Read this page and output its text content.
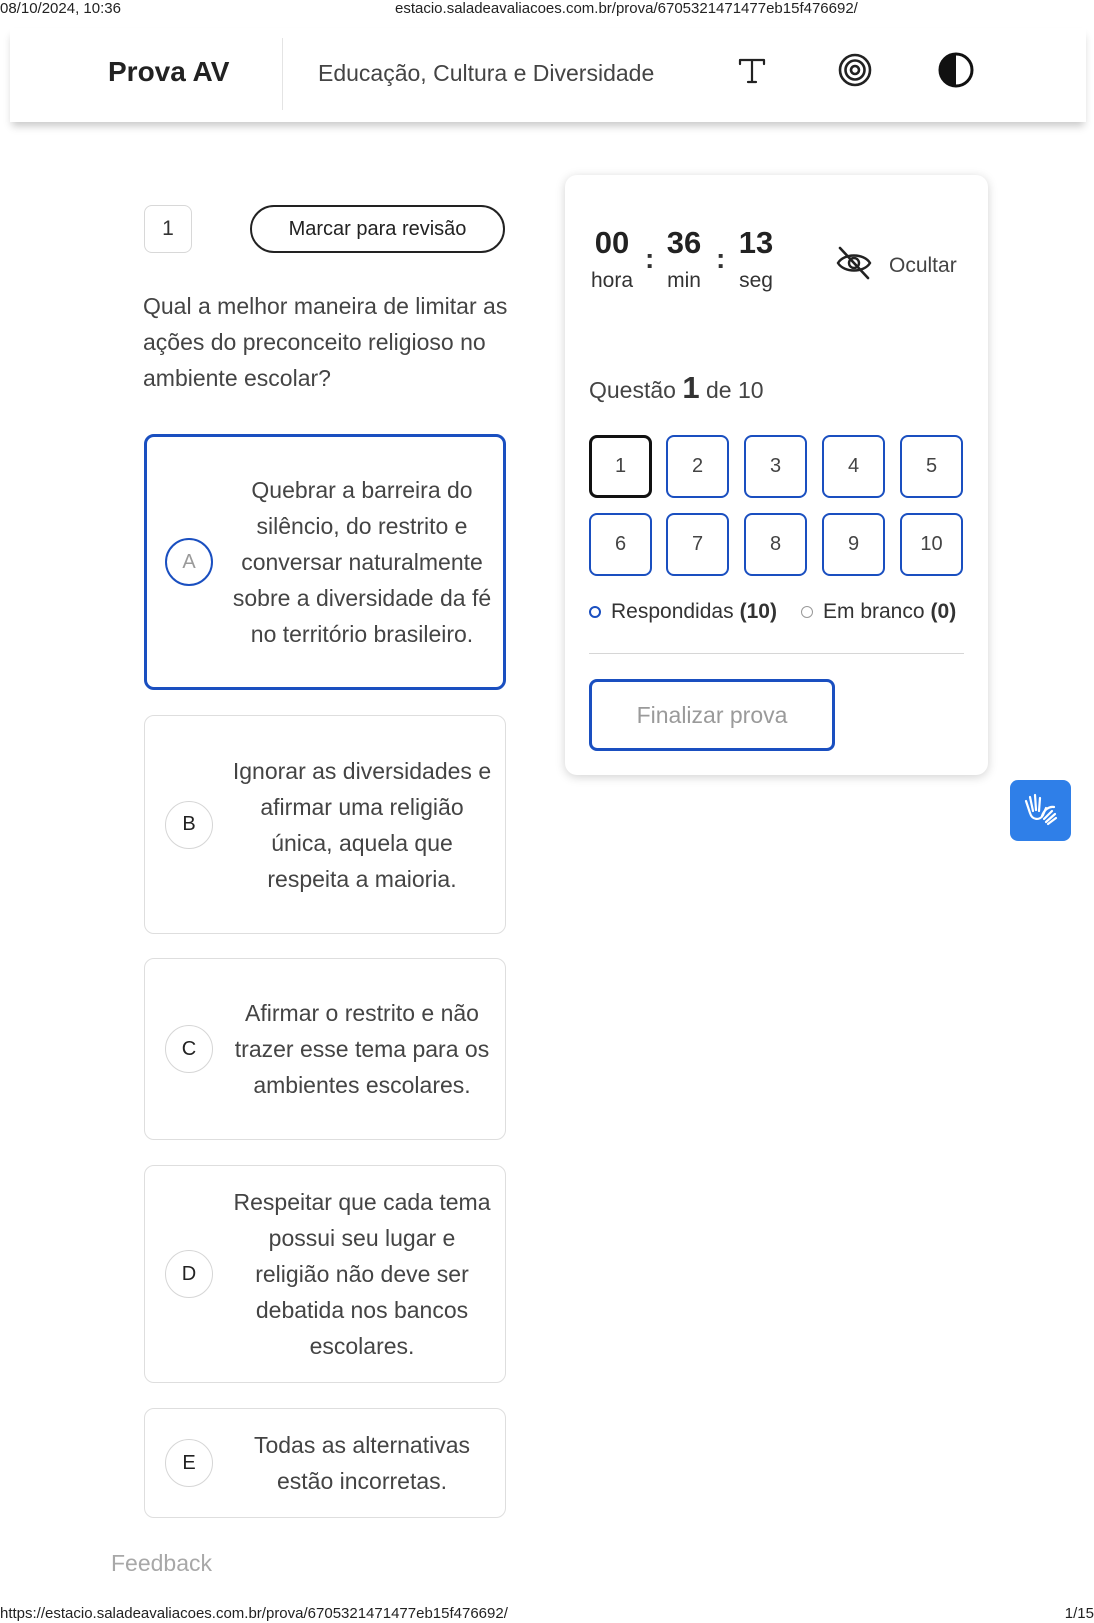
08/10/2024, 10:36	estacio.saladeavaliacoes.com.br/prova/6705321471477eb15f476692/
Prova AV	Educação, Cultura e Diversidade
1	Marcar para revisão
Qual a melhor maneira de limitar as ações do preconceito religioso no ambiente escolar?
A
Quebrar a barreira do silêncio, do restrito e conversar naturalmente sobre a diversidade da fé no território brasileiro.
B
Ignorar as diversidades e afirmar uma religião única, aquela que respeita a maioria.
C
Afirmar o restrito e não trazer esse tema para os ambientes escolares.
D
Respeitar que cada tema possui seu lugar e religião não deve ser debatida nos bancos escolares.
E
Todas as alternativas estão incorretas.
Feedback
00
hora
: 36
min
: 13
seg
Ocultar
Questão 1 de 10
1	2	3	4	5
6	7	8	9	10
Respondidas (10) Em branco (0)
Finalizar prova
https://estacio.saladeavaliacoes.com.br/prova/6705321471477eb15f476692/	1/15
